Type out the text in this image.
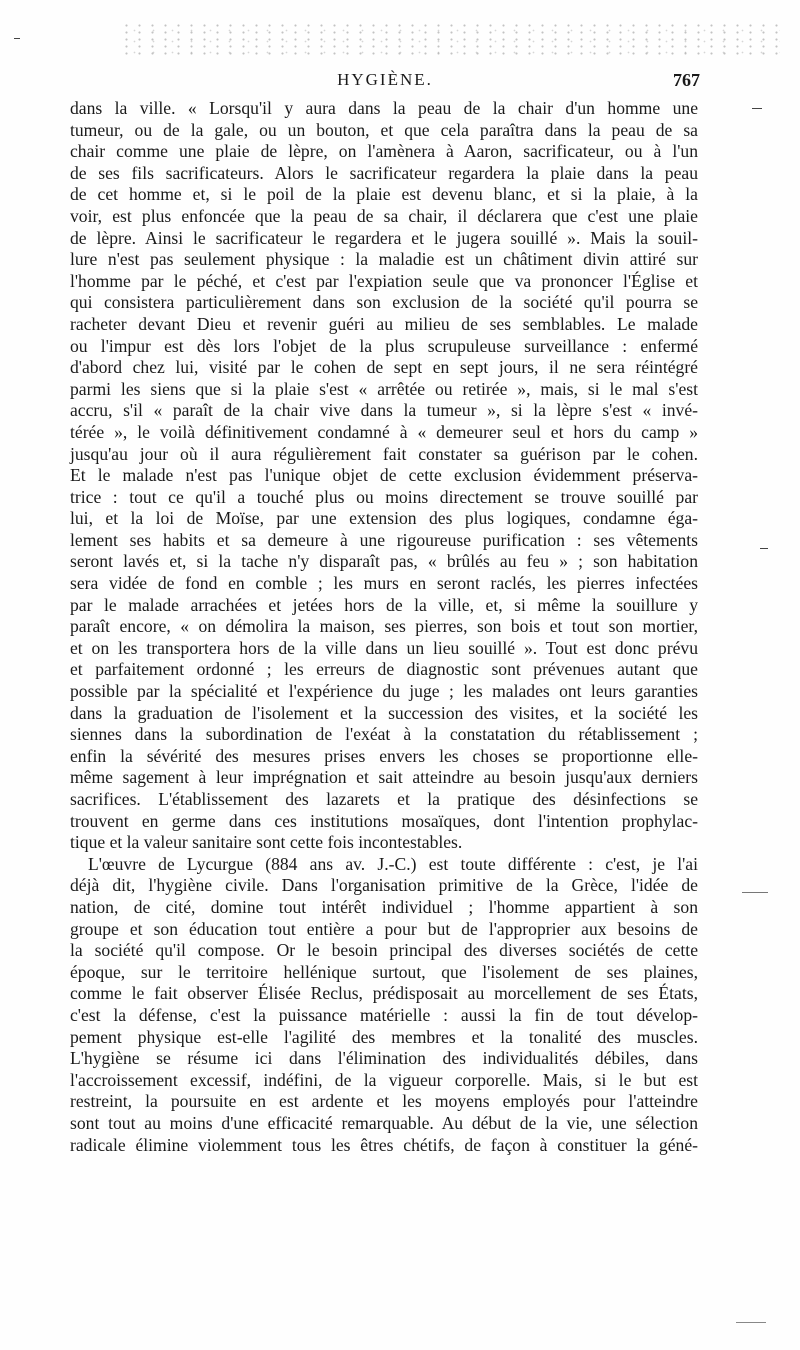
HYGIÈNE.	767
dans la ville. « Lorsqu'il y aura dans la peau de la chair d'un homme une
tumeur, ou de la gale, ou un bouton, et que cela paraîtra dans la peau de sa
chair comme une plaie de lèpre, on l'amènera à Aaron, sacrificateur, ou à l'un
de ses fils sacrificateurs. Alors le sacrificateur regardera la plaie dans la peau
de cet homme et, si le poil de la plaie est devenu blanc, et si la plaie, à la
voir, est plus enfoncée que la peau de sa chair, il déclarera que c'est une plaie
de lèpre. Ainsi le sacrificateur le regardera et le jugera souillé ». Mais la souil-
lure n'est pas seulement physique : la maladie est un châtiment divin attiré sur
l'homme par le péché, et c'est par l'expiation seule que va prononcer l'Église et
qui consistera particulièrement dans son exclusion de la société qu'il pourra se
racheter devant Dieu et revenir guéri au milieu de ses semblables. Le malade
ou l'impur est dès lors l'objet de la plus scrupuleuse surveillance : enfermé
d'abord chez lui, visité par le cohen de sept en sept jours, il ne sera réintégré
parmi les siens que si la plaie s'est « arrêtée ou retirée », mais, si le mal s'est
accru, s'il « paraît de la chair vive dans la tumeur », si la lèpre s'est « invé-
térée », le voilà définitivement condamné à « demeurer seul et hors du camp »
jusqu'au jour où il aura régulièrement fait constater sa guérison par le cohen.
Et le malade n'est pas l'unique objet de cette exclusion évidemment préserva-
trice : tout ce qu'il a touché plus ou moins directement se trouve souillé par
lui, et la loi de Moïse, par une extension des plus logiques, condamne éga-
lement ses habits et sa demeure à une rigoureuse purification : ses vêtements
seront lavés et, si la tache n'y disparaît pas, « brûlés au feu » ; son habitation
sera vidée de fond en comble ; les murs en seront raclés, les pierres infectées
par le malade arrachées et jetées hors de la ville, et, si même la souillure y
paraît encore, « on démolira la maison, ses pierres, son bois et tout son mortier,
et on les transportera hors de la ville dans un lieu souillé ». Tout est donc prévu
et parfaitement ordonné ; les erreurs de diagnostic sont prévenues autant que
possible par la spécialité et l'expérience du juge ; les malades ont leurs garanties
dans la graduation de l'isolement et la succession des visites, et la société les
siennes dans la subordination de l'exéat à la constatation du rétablissement ;
enfin la sévérité des mesures prises envers les choses se proportionne elle-
même sagement à leur imprégnation et sait atteindre au besoin jusqu'aux derniers
sacrifices. L'établissement des lazarets et la pratique des désinfections se
trouvent en germe dans ces institutions mosaïques, dont l'intention prophylac-
tique et la valeur sanitaire sont cette fois incontestables.
L'œuvre de Lycurgue (884 ans av. J.-C.) est toute différente : c'est, je l'ai
déjà dit, l'hygiène civile. Dans l'organisation primitive de la Grèce, l'idée de
nation, de cité, domine tout intérêt individuel ; l'homme appartient à son
groupe et son éducation tout entière a pour but de l'approprier aux besoins de
la société qu'il compose. Or le besoin principal des diverses sociétés de cette
époque, sur le territoire hellénique surtout, que l'isolement de ses plaines,
comme le fait observer Élisée Reclus, prédisposait au morcellement de ses États,
c'est la défense, c'est la puissance matérielle : aussi la fin de tout dévelop-
pement physique est-elle l'agilité des membres et la tonalité des muscles.
L'hygiène se résume ici dans l'élimination des individualités débiles, dans
l'accroissement excessif, indéfini, de la vigueur corporelle. Mais, si le but est
restreint, la poursuite en est ardente et les moyens employés pour l'atteindre
sont tout au moins d'une efficacité remarquable. Au début de la vie, une sélection
radicale élimine violemment tous les êtres chétifs, de façon à constituer la géné-
